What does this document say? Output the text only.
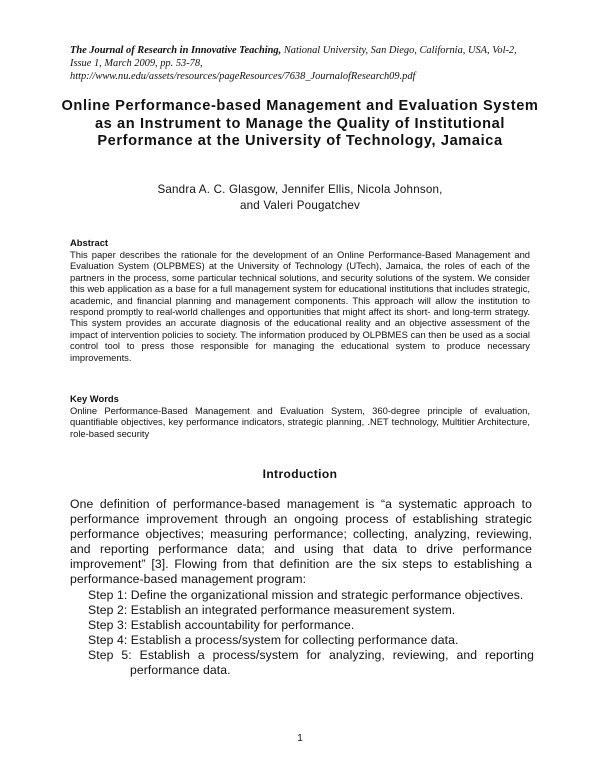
The Journal of Research in Innovative Teaching, National University, San Diego, California, USA, Vol-2, Issue 1, March 2009, pp. 53-78, http://www.nu.edu/assets/resources/pageResources/7638_JournalofResearch09.pdf
Online Performance-based Management and Evaluation System as an Instrument to Manage the Quality of Institutional Performance at the University of Technology, Jamaica
Sandra A. C. Glasgow, Jennifer Ellis, Nicola Johnson,
and Valeri Pougatchev
Abstract
This paper describes the rationale for the development of an Online Performance-Based Management and Evaluation System (OLPBMES) at the University of Technology (UTech), Jamaica, the roles of each of the partners in the process, some particular technical solutions, and security solutions of the system. We consider this web application as a base for a full management system for educational institutions that includes strategic, academic, and financial planning and management components. This approach will allow the institution to respond promptly to real-world challenges and opportunities that might affect its short- and long-term strategy. This system provides an accurate diagnosis of the educational reality and an objective assessment of the impact of intervention policies to society. The information produced by OLPBMES can then be used as a social control tool to press those responsible for managing the educational system to produce necessary improvements.
Key Words
Online Performance-Based Management and Evaluation System, 360-degree principle of evaluation, quantifiable objectives, key performance indicators, strategic planning, .NET technology, Multitier Architecture, role-based security
Introduction
One definition of performance-based management is “a systematic approach to performance improvement through an ongoing process of establishing strategic performance objectives; measuring performance; collecting, analyzing, reviewing, and reporting performance data; and using that data to drive performance improvement” [3]. Flowing from that definition are the six steps to establishing a performance-based management program:
Step 1: Define the organizational mission and strategic performance objectives.
Step 2: Establish an integrated performance measurement system.
Step 3: Establish accountability for performance.
Step 4: Establish a process/system for collecting performance data.
Step 5: Establish a process/system for analyzing, reviewing, and reporting performance data.
1
